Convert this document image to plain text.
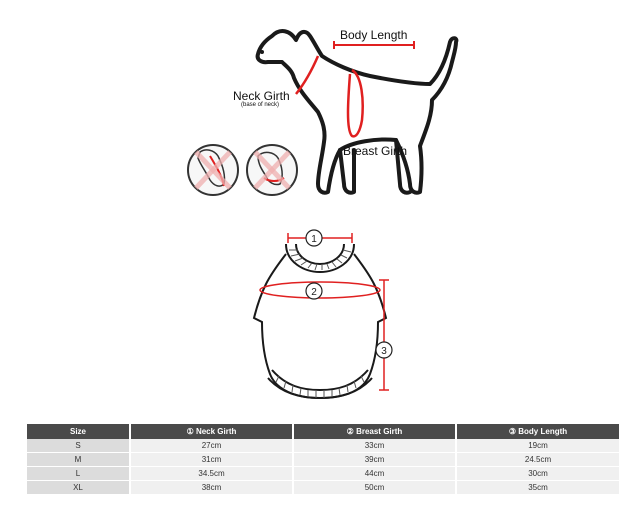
1
2
3
Body Length
Neck Girth
(base of neck)
Breast Girth
Size	① Neck Girth	② Breast Girth	③ Body Length
S	27cm	33cm	19cm
M	31cm	39cm	24.5cm
L	34.5cm	44cm	30cm
XL	38cm	50cm	35cm
